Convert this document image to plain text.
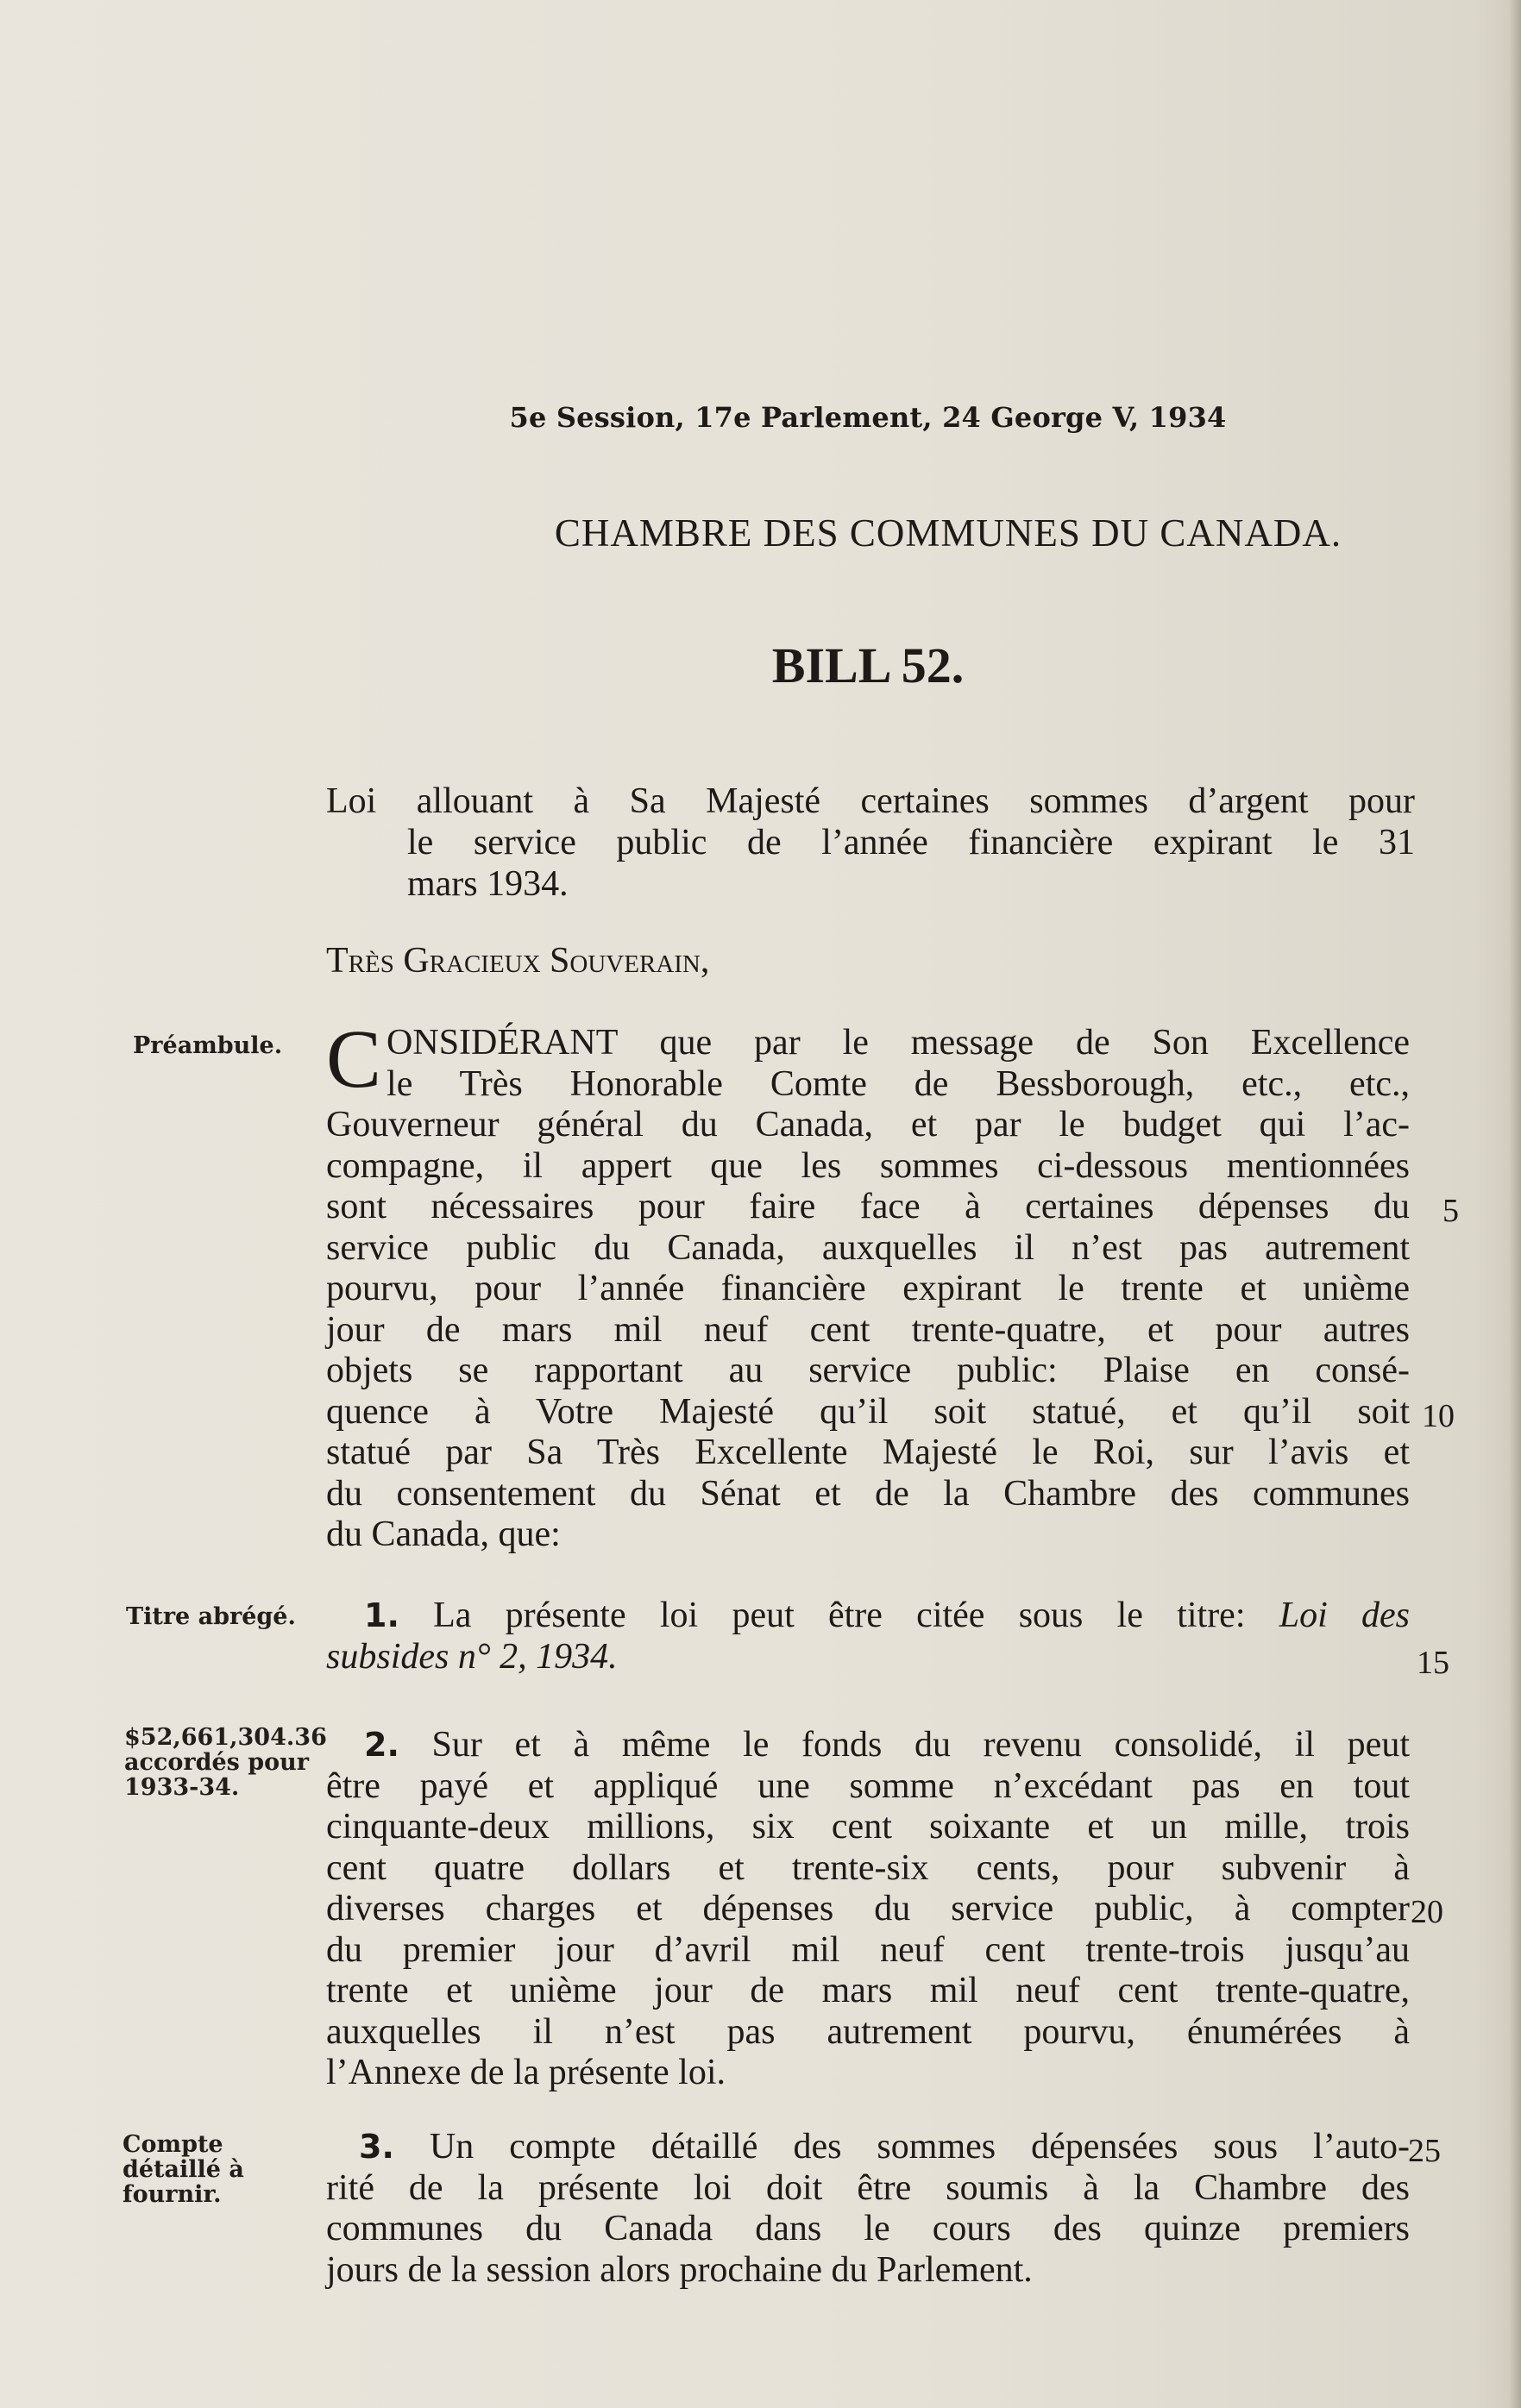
5e Session, 17e Parlement, 24 George V, 1934
CHAMBRE DES COMMUNES DU CANADA.
BILL 52.
Loi allouant à Sa Majesté certaines sommes d’argent pour
le service public de l’année financière expirant le 31
mars 1934.
Très Gracieux Souverain,
Préambule. C ONSIDÉRANT que par le message de Son Excellence
le Très Honorable Comte de Bessborough, etc., etc.,
Gouverneur général du Canada, et par le budget qui l’ac-
compagne, il appert que les sommes ci-dessous mentionnées
sont nécessaires pour faire face à certaines dépenses du
service public du Canada, auxquelles il n’est pas autrement
pourvu, pour l’année financière expirant le trente et unième
jour de mars mil neuf cent trente-quatre, et pour autres
objets se rapportant au service public: Plaise en consé-
quence à Votre Majesté qu’il soit statué, et qu’il soit
statué par Sa Très Excellente Majesté le Roi, sur l’avis et
du consentement du Sénat et de la Chambre des communes
du Canada, que:
5
10
Titre abrégé.	1. La présente loi peut être citée sous le titre: Loi des
subsides n° 2, 1934.	15
$52,661,304.36
accordés pour
1933-34.
2. Sur et à même le fonds du revenu consolidé, il peut
être payé et appliqué une somme n’excédant pas en tout
cinquante-deux millions, six cent soixante et un mille, trois
cent quatre dollars et trente-six cents, pour subvenir à
diverses charges et dépenses du service public, à compter
du premier jour d’avril mil neuf cent trente-trois jusqu’au
trente et unième jour de mars mil neuf cent trente-quatre,
auxquelles il n’est pas autrement pourvu, énumérées à
l’Annexe de la présente loi.
20
Compte
détaillé à
fournir.
3. Un compte détaillé des sommes dépensées sous l’auto-
rité de la présente loi doit être soumis à la Chambre des
communes du Canada dans le cours des quinze premiers
jours de la session alors prochaine du Parlement.
25
